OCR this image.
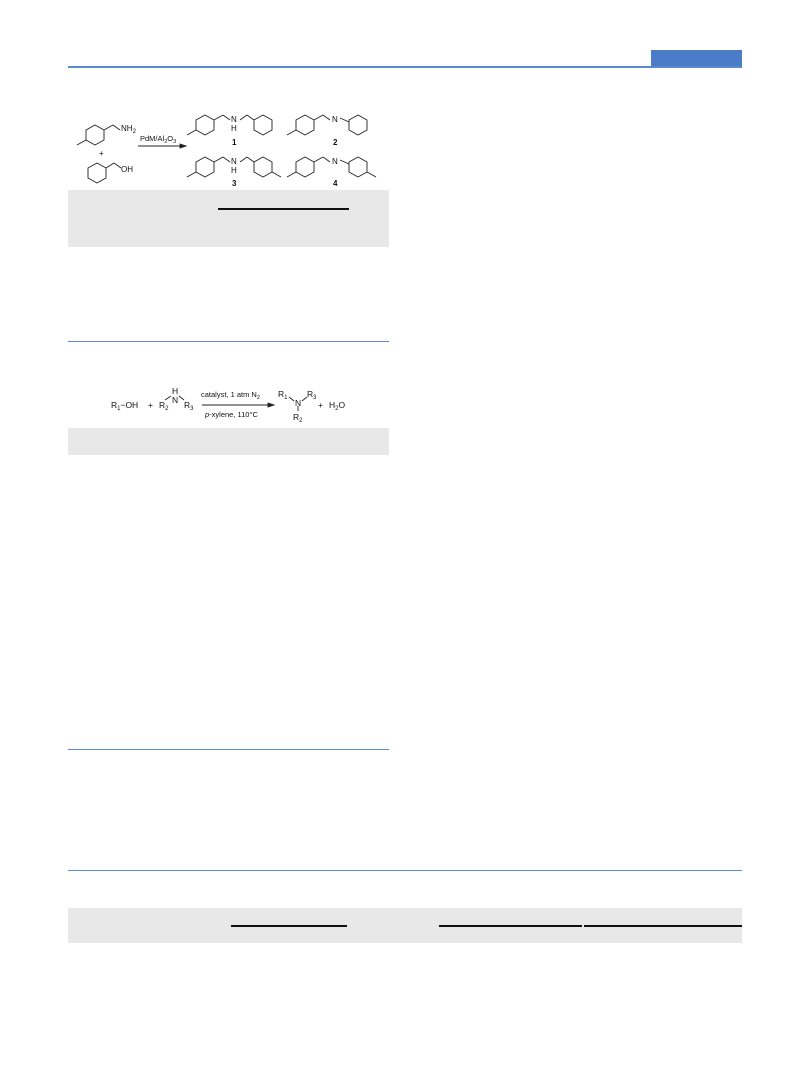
$NH_2$
+
OH
PdM/$Al_2O_3$
N
H
1
N
2
N
H
3
N
4
$R_1-OH + R_2$
H
N $R_3$
catalyst, 1 atm $N_2$
p-xylene, 110°C
$R_1$ N
$R_3$
$R_2$
+ $H_2O$
